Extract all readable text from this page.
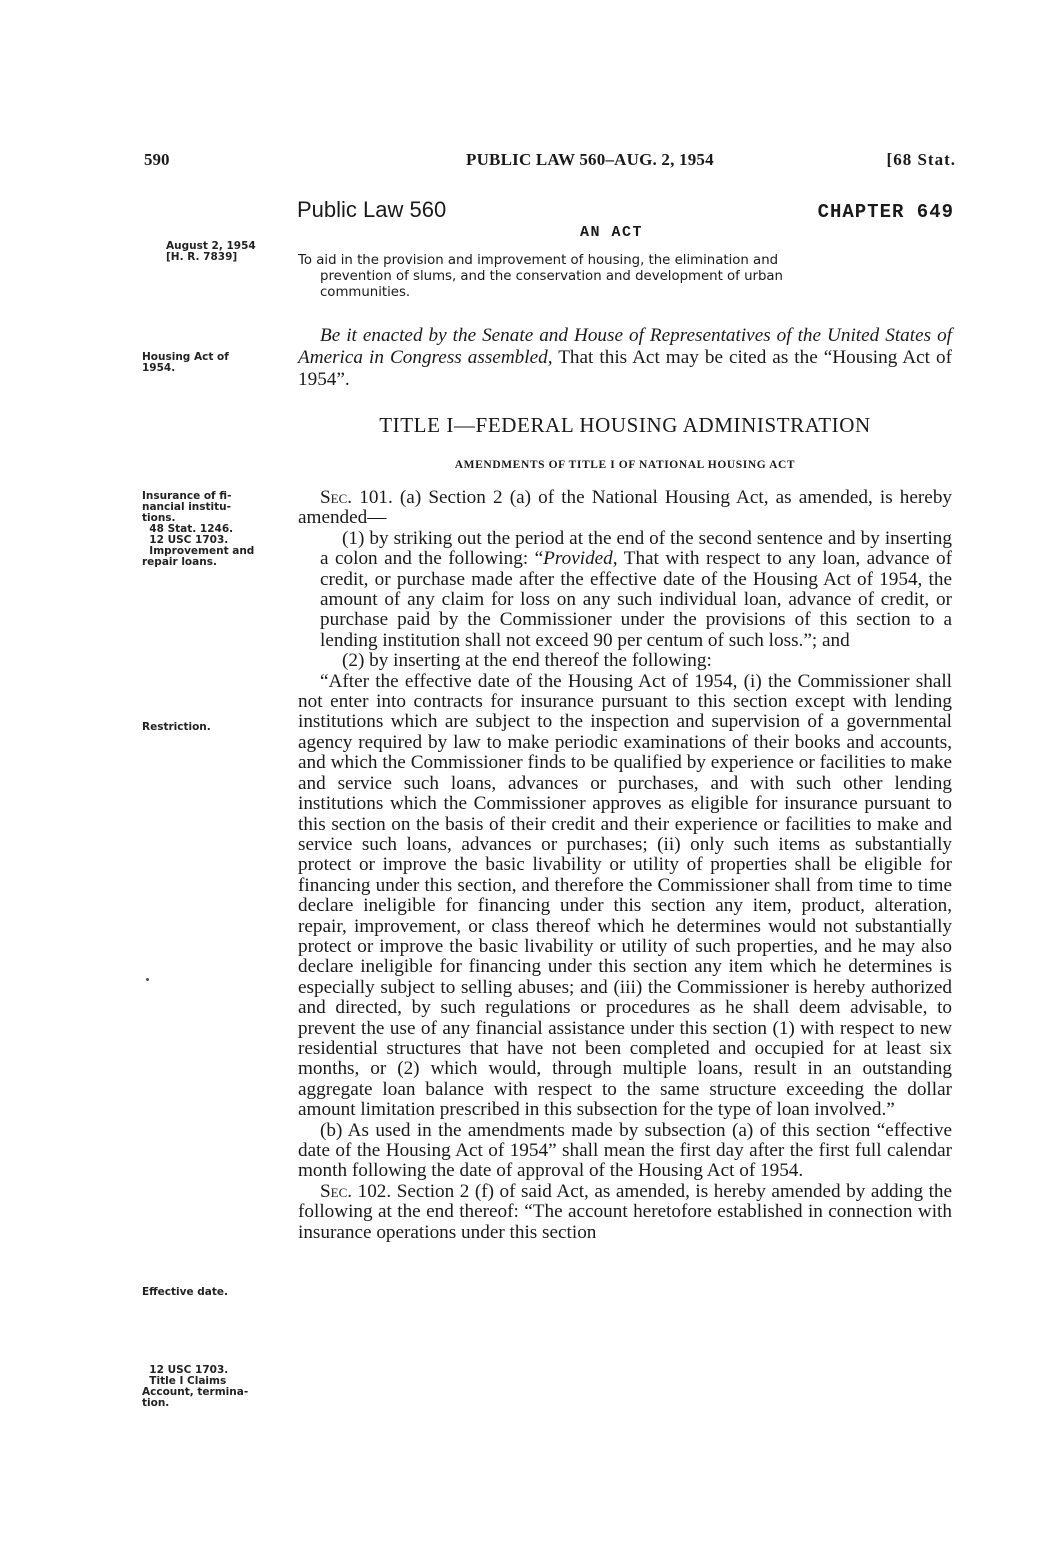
590	PUBLIC LAW 560–AUG. 2, 1954	[68 Stat.
Public Law 560	CHAPTER 649
AN ACT
To aid in the provision and improvement of housing, the elimination and
prevention of slums, and the conservation and development of urban
communities.

Be it enacted by the Senate and House of Representatives of the United States of America in Congress assembled, That this Act may be cited as the “Housing Act of 1954”.

TITLE I—FEDERAL HOUSING ADMINISTRATION
AMENDMENTS OF TITLE I OF NATIONAL HOUSING ACT

Sec. 101. (a) Section 2 (a) of the National Housing Act, as amended, is hereby amended—

(1) by striking out the period at the end of the second sentence and by inserting a colon and the following: “Provided, That with respect to any loan, advance of credit, or purchase made after the effective date of the Housing Act of 1954, the amount of any claim for loss on any such individual loan, advance of credit, or purchase paid by the Commissioner under the provisions of this section to a lending institution shall not exceed 90 per centum of such loss.”; and

(2) by inserting at the end thereof the following:

“After the effective date of the Housing Act of 1954, (i) the Commissioner shall not enter into contracts for insurance pursuant to this section except with lending institutions which are subject to the inspection and supervision of a governmental agency required by law to make periodic examinations of their books and accounts, and which the Commissioner finds to be qualified by experience or facilities to make and service such loans, advances or purchases, and with such other lending institutions which the Commissioner approves as eligible for insurance pursuant to this section on the basis of their credit and their experience or facilities to make and service such loans, advances or purchases; (ii) only such items as substantially protect or improve the basic livability or utility of properties shall be eligible for financing under this section, and therefore the Commissioner shall from time to time declare ineligible for financing under this section any item, product, alteration, repair, improvement, or class thereof which he determines would not substantially protect or improve the basic livability or utility of such properties, and he may also declare ineligible for financing under this section any item which he determines is especially subject to selling abuses; and (iii) the Commissioner is hereby authorized and directed, by such regulations or procedures as he shall deem advisable, to prevent the use of any financial assistance under this section (1) with respect to new residential structures that have not been completed and occupied for at least six months, or (2) which would, through multiple loans, result in an outstanding aggregate loan balance with respect to the same structure exceeding the dollar amount limitation prescribed in this subsection for the type of loan involved.”

(b) As used in the amendments made by subsection (a) of this section “effective date of the Housing Act of 1954” shall mean the first day after the first full calendar month following the date of approval of the Housing Act of 1954.

Sec. 102. Section 2 (f) of said Act, as amended, is hereby amended by adding the following at the end thereof: “The account heretofore established in connection with insurance operations under this section

August 2, 1954
[H. R. 7839]
Housing Act of
1954.
Insurance of fi-
nancial institu-
tions.
48 Stat. 1246.
12 USC 1703.
Improvement and
repair loans.
Restriction.
Effective date.
12 USC 1703.
Title I Claims
Account, termina-
tion.
